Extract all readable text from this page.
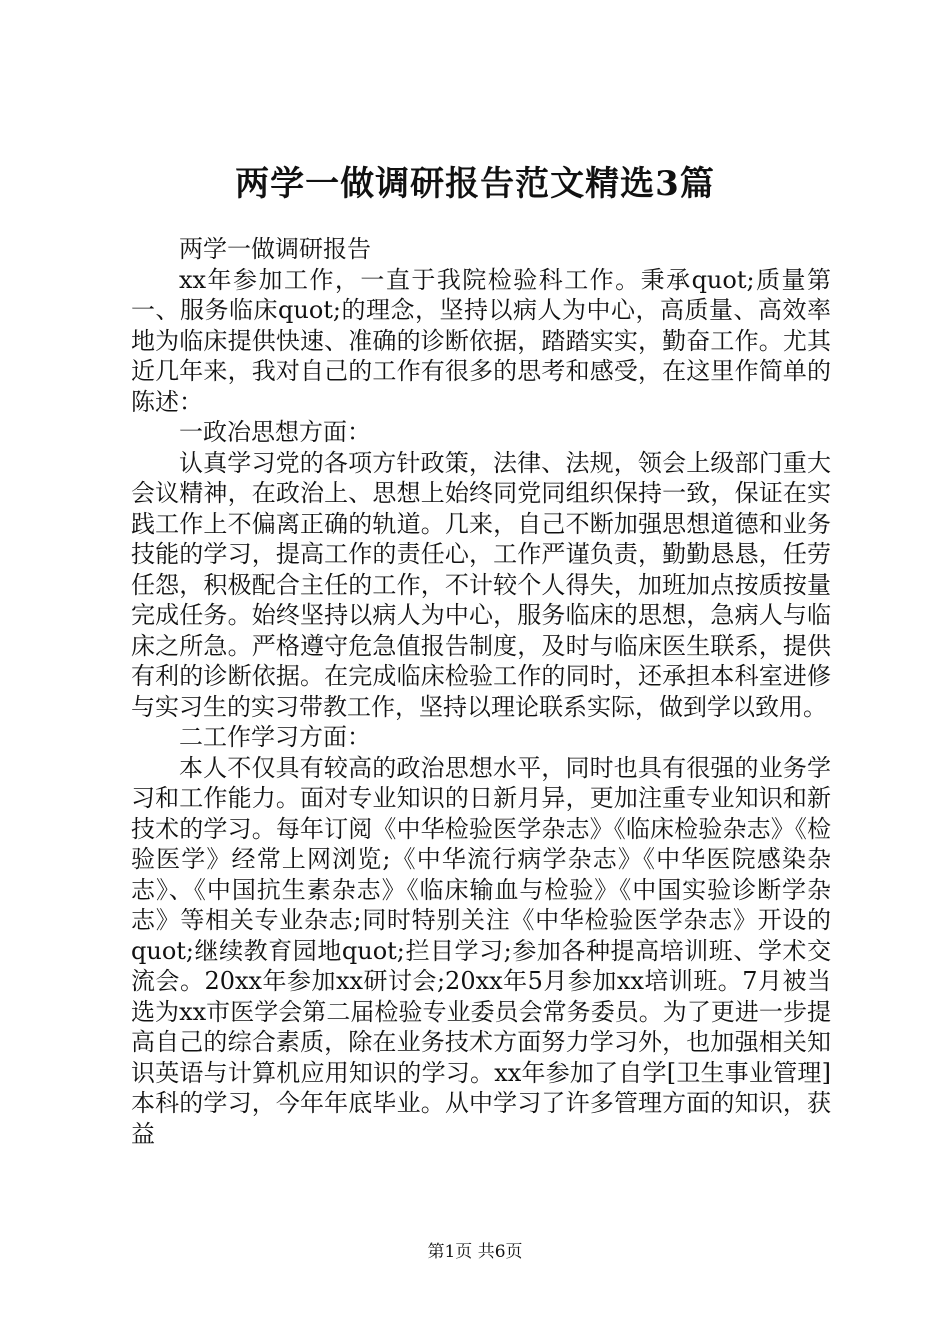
两学一做调研报告范文精选3篇

两学一做调研报告

xx年参加工作，一直于我院检验科工作。秉承quot;质量第一、服务临床quot;的理念，坚持以病人为中心，高质量、高效率地为临床提供快速、准确的诊断依据，踏踏实实，勤奋工作。尤其近几年来，我对自己的工作有很多的思考和感受，在这里作简单的陈述：

一政冶思想方面：

认真学习党的各项方针政策，法律、法规，领会上级部门重大会议精神，在政治上、思想上始终同党同组织保持一致，保证在实践工作上不偏离正确的轨道。几来，自己不断加强思想道德和业务技能的学习，提高工作的责任心，工作严谨负责，勤勤恳恳，任劳任怨，积极配合主任的工作，不计较个人得失，加班加点按质按量完成任务。始终坚持以病人为中心，服务临床的思想，急病人与临床之所急。严格遵守危急值报告制度，及时与临床医生联系，提供有利的诊断依据。在完成临床检验工作的同时，还承担本科室进修与实习生的实习带教工作，坚持以理论联系实际，做到学以致用。

二工作学习方面：

本人不仅具有较高的政治思想水平，同时也具有很强的业务学习和工作能力。面对专业知识的日新月异，更加注重专业知识和新技术的学习。每年订阅《中华检验医学杂志》《临床检验杂志》《检验医学》经常上网浏览;《中华流行病学杂志》《中华医院感染杂志》、《中国抗生素杂志》《临床输血与检验》《中国实验诊断学杂志》等相关专业杂志;同时特别关注《中华检验医学杂志》开设的quot;继续教育园地quot;拦目学习;参加各种提高培训班、学术交流会。20xx年参加xx研讨会;20xx年5月参加xx培训班。7月被当选为xx市医学会第二届检验专业委员会常务委员。为了更进一步提高自己的综合素质，除在业务技术方面努力学习外，也加强相关知识英语与计算机应用知识的学习。xx年参加了自学[卫生事业管理]本科的学习，今年年底毕业。从中学习了许多管理方面的知识，获益

第1页 共6页
